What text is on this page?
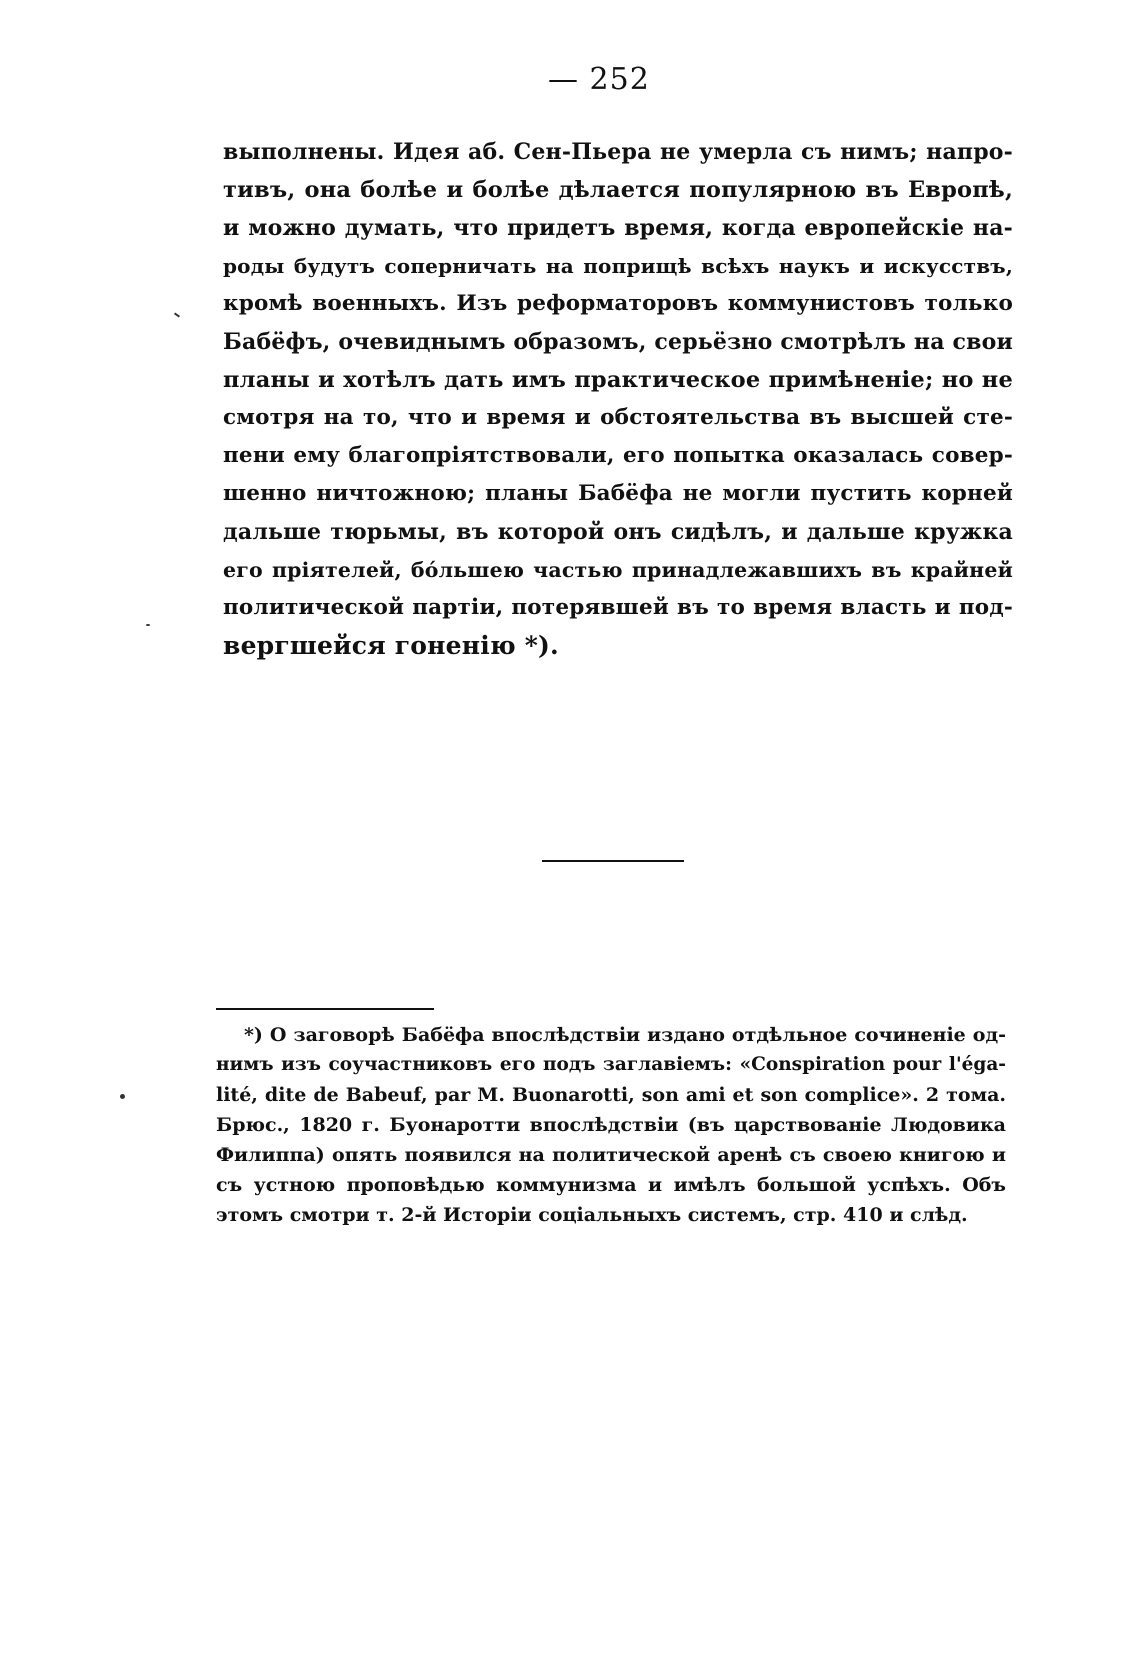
— 252
выполнены. Идея аб. Сен-Пьера не умерла съ нимъ; напро-
тивъ, она болѣе и болѣе дѣлается популярною въ Европѣ,
и можно думать, что придетъ время, когда европейскіе на-
роды будутъ соперничать на поприщѣ всѣхъ наукъ и искусствъ,
кромѣ военныхъ. Изъ реформаторовъ коммунистовъ только
Бабёфъ, очевиднымъ образомъ, серьёзно смотрѣлъ на свои
планы и хотѣлъ дать имъ практическое примѣненіе; но не
смотря на то, что и время и обстоятельства въ высшей сте-
пени ему благопріятствовали, его попытка оказалась совер-
шенно ничтожною; планы Бабёфа не могли пустить корней
дальше тюрьмы, въ которой онъ сидѣлъ, и дальше кружка
его пріятелей, бо́льшею частью принадлежавшихъ въ крайней
политической партіи, потерявшей въ то время власть и под-
вергшейся гоненію *).
*) О заговорѣ Бабёфа впослѣдствіи издано отдѣльное сочиненіе од-
нимъ изъ соучастниковъ его подъ заглавіемъ: «Conspiration pour l'éga-
lité, dite de Babeuf, par M. Buonarotti, son ami et son complice». 2 тома.
Брюс., 1820 г. Буонаротти впослѣдствіи (въ царствованіе Людовика
Филиппа) опять появился на политической аренѣ съ своею книгою и
съ устною проповѣдью коммунизма и имѣлъ большой успѣхъ. Объ
этомъ смотри т. 2-й Исторіи соціальныхъ системъ, стр. 410 и слѣд.
